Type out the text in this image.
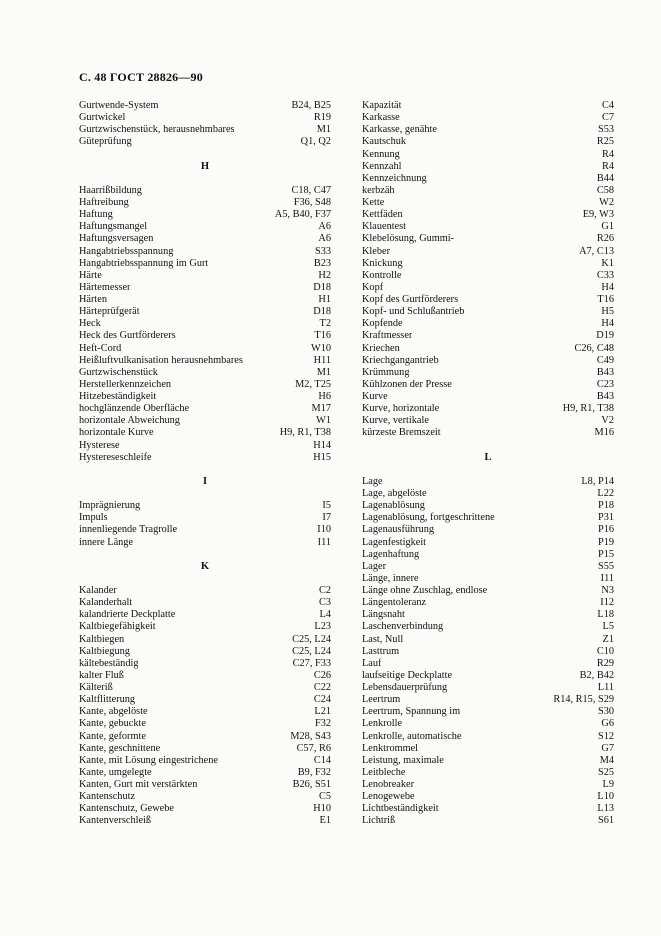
С. 48 ГОСТ 28826—90
Gurtwende-System	B24, B25
Gurtwickel	R19
Gurtzwischenstück, herausnehmbares	M1
Güteprüfung	Q1, Q2
H
Haarrißbildung	C18, C47
Haftreibung	F36, S48
Haftung	A5, B40, F37
Haftungsmangel	A6
Haftungsversagen	A6
Hangabtriebsspannung	S33
Hangabtriebsspannung im Gurt	B23
Härte	H2
Härtemesser	D18
Härten	H1
Härteprüfgerät	D18
Heck	T2
Heck des Gurtförderers	T16
Heft-Cord	W10
Heißluftvulkanisation herausnehmbares	H11
Gurtzwischenstück	M1
Herstellerkennzeichen	M2, T25
Hitzebeständigkeit	H6
hochglänzende Oberfläche	M17
horizontale Abweichung	W1
horizontale Kurve	H9, R1, T38
Hysterese	H14
Hystereseschleife	H15
I
Imprägnierung	I5
Impuls	I7
innenliegende Tragrolle	I10
innere Länge	I11
K
Kalander	C2
Kalanderhalt	C3
kalandrierte Deckplatte	L4
Kaltbiegefähigkeit	L23
Kaltbiegen	C25, L24
Kaltbiegung	C25, L24
kältebeständig	C27, F33
kalter Fluß	C26
Kälteriß	C22
Kaltflitterung	C24
Kante, abgelöste	L21
Kante, gebuckte	F32
Kante, geformte	M28, S43
Kante, geschnittene	C57, R6
Kante, mit Lösung eingestrichene	C14
Kante, umgelegte	B9, F32
Kanten, Gurt mit verstärkten	B26, S51
Kantenschutz	C5
Kantenschutz, Gewebe	H10
Kantenverschleiß	E1
Kapazität	C4
Karkasse	C7
Karkasse, genähte	S53
Kautschuk	R25
Kennung	R4
Kennzahl	R4
Kennzeichnung	B44
kerbzäh	C58
Kette	W2
Kettfäden	E9, W3
Klauentest	G1
Klebelösung, Gummi-	R26
Kleber	A7, C13
Knickung	K1
Kontrolle	C33
Kopf	H4
Kopf des Gurtförderers	T16
Kopf- und Schlußantrieb	H5
Kopfende	H4
Kraftmesser	D19
Kriechen	C26, C48
Kriechgangantrieb	C49
Krümmung	B43
Kühlzonen der Presse	C23
Kurve	B43
Kurve, horizontale	H9, R1, T38
Kurve, vertikale	V2
kürzeste Bremszeit	M16
L
Lage	L8, P14
Lage, abgelöste	L22
Lagenablösung	P18
Lagenablösung, fortgeschrittene	P31
Lagenausführung	P16
Lagenfestigkeit	P19
Lagenhaftung	P15
Lager	S55
Länge, innere	I11
Länge ohne Zuschlag, endlose	N3
Längentoleranz	I12
Längsnaht	L18
Laschenverbindung	L5
Last, Null	Z1
Lasttrum	C10
Lauf	R29
laufseitige Deckplatte	B2, B42
Lebensdauerprüfung	L11
Leertrum	R14, R15, S29
Leertrum, Spannung im	S30
Lenkrolle	G6
Lenkrolle, automatische	S12
Lenktrommel	G7
Leistung, maximale	M4
Leitbleche	S25
Lenobreaker	L9
Lenogewebe	L10
Lichtbeständigkeit	L13
Lichtriß	S61
